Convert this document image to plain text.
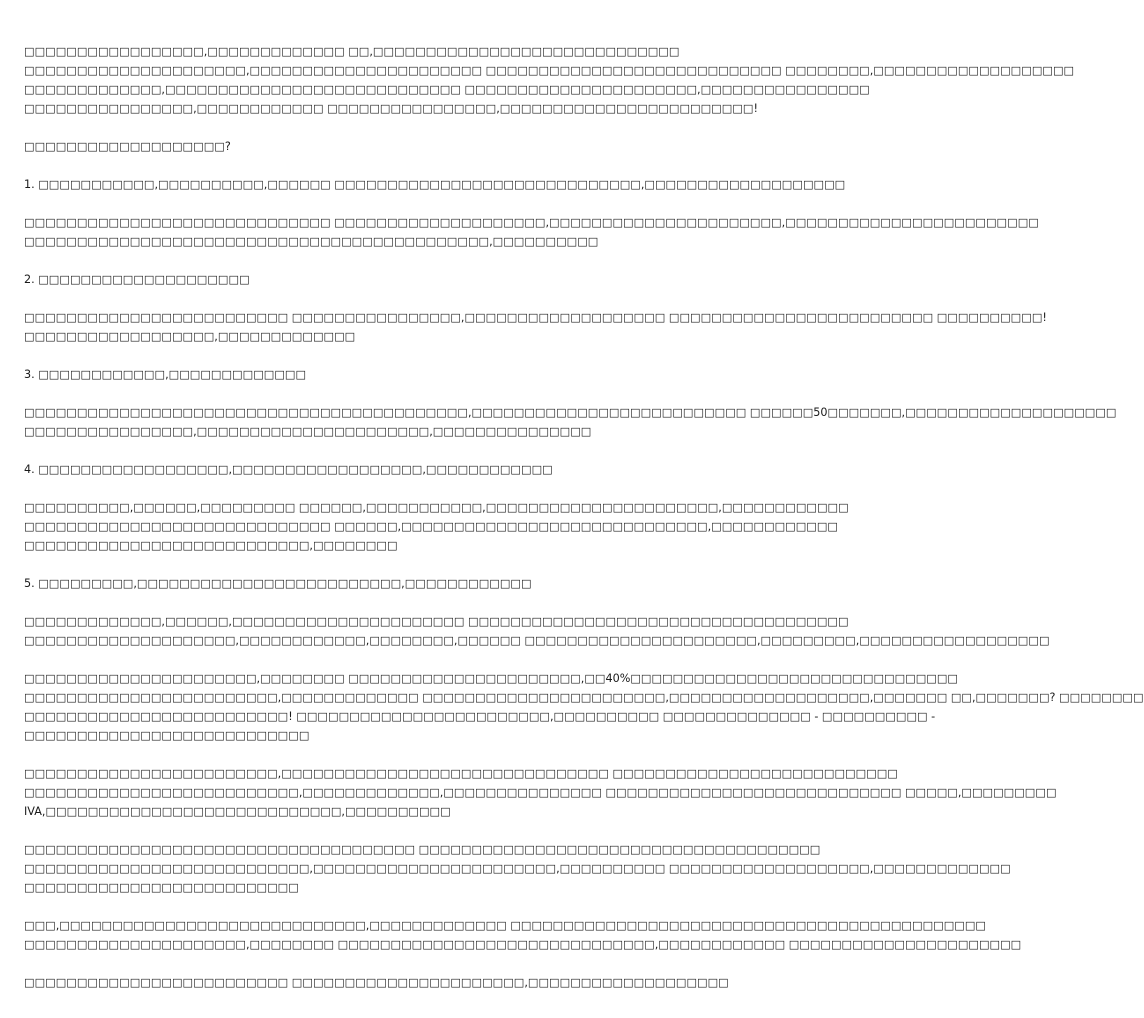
□□□□□□□□□□□□□□□□□,□□□□□□□□□□□□□ □□,□□□□□□□□□□□□□□□□□□□□□□□□□□□□□
□□□□□□□□□□□□□□□□□□□□□,□□□□□□□□□□□□□□□□□□□□□□ □□□□□□□□□□□□□□□□□□□□□□□□□□□□ □□□□□□□□,□□□□□□□□□□□□□□□□□□□
□□□□□□□□□□□□□,□□□□□□□□□□□□□□□□□□□□□□□□□□□□ □□□□□□□□□□□□□□□□□□□□□□,□□□□□□□□□□□□□□□□
□□□□□□□□□□□□□□□□,□□□□□□□□□□□□ □□□□□□□□□□□□□□□□,□□□□□□□□□□□□□□□□□□□□□□□□!
□□□□□□□□□□□□□□□□□□□?
1. □□□□□□□□□□□,□□□□□□□□□□,□□□□□□ □□□□□□□□□□□□□□□□□□□□□□□□□□□□□,□□□□□□□□□□□□□□□□□□□
□□□□□□□□□□□□□□□□□□□□□□□□□□□□□ □□□□□□□□□□□□□□□□□□□□,□□□□□□□□□□□□□□□□□□□□□□,□□□□□□□□□□□□□□□□□□□□□□□□
□□□□□□□□□□□□□□□□□□□□□□□□□□□□□□□□□□□□□□□□□□□□,□□□□□□□□□□
2. □□□□□□□□□□□□□□□□□□□□
□□□□□□□□□□□□□□□□□□□□□□□□□ □□□□□□□□□□□□□□□□,□□□□□□□□□□□□□□□□□□□ □□□□□□□□□□□□□□□□□□□□□□□□□ □□□□□□□□□□!
□□□□□□□□□□□□□□□□□□,□□□□□□□□□□□□□
3. □□□□□□□□□□□□,□□□□□□□□□□□□□
□□□□□□□□□□□□□□□□□□□□□□□□□□□□□□□□□□□□□□□□□□,□□□□□□□□□□□□□□□□□□□□□□□□□□ □□□□□□50□□□□□□□,□□□□□□□□□□□□□□□□□□□□
□□□□□□□□□□□□□□□□,□□□□□□□□□□□□□□□□□□□□□□,□□□□□□□□□□□□□□□
4. □□□□□□□□□□□□□□□□□□,□□□□□□□□□□□□□□□□□□,□□□□□□□□□□□□
□□□□□□□□□□,□□□□□□,□□□□□□□□□ □□□□□□,□□□□□□□□□□□,□□□□□□□□□□□□□□□□□□□□□□,□□□□□□□□□□□□
□□□□□□□□□□□□□□□□□□□□□□□□□□□□□ □□□□□□,□□□□□□□□□□□□□□□□□□□□□□□□□□□□□,□□□□□□□□□□□□
□□□□□□□□□□□□□□□□□□□□□□□□□□□,□□□□□□□□
5. □□□□□□□□□,□□□□□□□□□□□□□□□□□□□□□□□□□,□□□□□□□□□□□□
□□□□□□□□□□□□□,□□□□□□,□□□□□□□□□□□□□□□□□□□□□□ □□□□□□□□□□□□□□□□□□□□□□□□□□□□□□□□□□□□
□□□□□□□□□□□□□□□□□□□□,□□□□□□□□□□□□,□□□□□□□□,□□□□□□ □□□□□□□□□□□□□□□□□□□□□□,□□□□□□□□□,□□□□□□□□□□□□□□□□□□
□□□□□□□□□□□□□□□□□□□□□□,□□□□□□□□ □□□□□□□□□□□□□□□□□□□□□□,□□40%□□□□□□□□□□□□□□□□□□□□□□□□□□□□□□□
□□□□□□□□□□□□□□□□□□□□□□□□,□□□□□□□□□□□□□ □□□□□□□□□□□□□□□□□□□□□□□,□□□□□□□□□□□□□□□□□□□,□□□□□□□ □□,□□□□□□□? □□□□□□□□
□□□□□□□□□□□□□□□□□□□□□□□□□! □□□□□□□□□□□□□□□□□□□□□□□□,□□□□□□□□□□ □□□□□□□□□□□□□□ - □□□□□□□□□□ -
□□□□□□□□□□□□□□□□□□□□□□□□□□□
□□□□□□□□□□□□□□□□□□□□□□□□,□□□□□□□□□□□□□□□□□□□□□□□□□□□□□□□ □□□□□□□□□□□□□□□□□□□□□□□□□□□
□□□□□□□□□□□□□□□□□□□□□□□□□□,□□□□□□□□□□□□□,□□□□□□□□□□□□□□□ □□□□□□□□□□□□□□□□□□□□□□□□□□□□ □□□□□,□□□□□□□□□
IVA,□□□□□□□□□□□□□□□□□□□□□□□□□□□□,□□□□□□□□□□
□□□□□□□□□□□□□□□□□□□□□□□□□□□□□□□□□□□□□ □□□□□□□□□□□□□□□□□□□□□□□□□□□□□□□□□□□□□□
□□□□□□□□□□□□□□□□□□□□□□□□□□□,□□□□□□□□□□□□□□□□□□□□□□□,□□□□□□□□□□ □□□□□□□□□□□□□□□□□□□,□□□□□□□□□□□□□
□□□□□□□□□□□□□□□□□□□□□□□□□□
□□□,□□□□□□□□□□□□□□□□□□□□□□□□□□□□□,□□□□□□□□□□□□□ □□□□□□□□□□□□□□□□□□□□□□□□□□□□□□□□□□□□□□□□□□□□□
□□□□□□□□□□□□□□□□□□□□□,□□□□□□□□ □□□□□□□□□□□□□□□□□□□□□□□□□□□□□□,□□□□□□□□□□□□ □□□□□□□□□□□□□□□□□□□□□□
□□□□□□□□□□□□□□□□□□□□□□□□□ □□□□□□□□□□□□□□□□□□□□□□,□□□□□□□□□□□□□□□□□□□
